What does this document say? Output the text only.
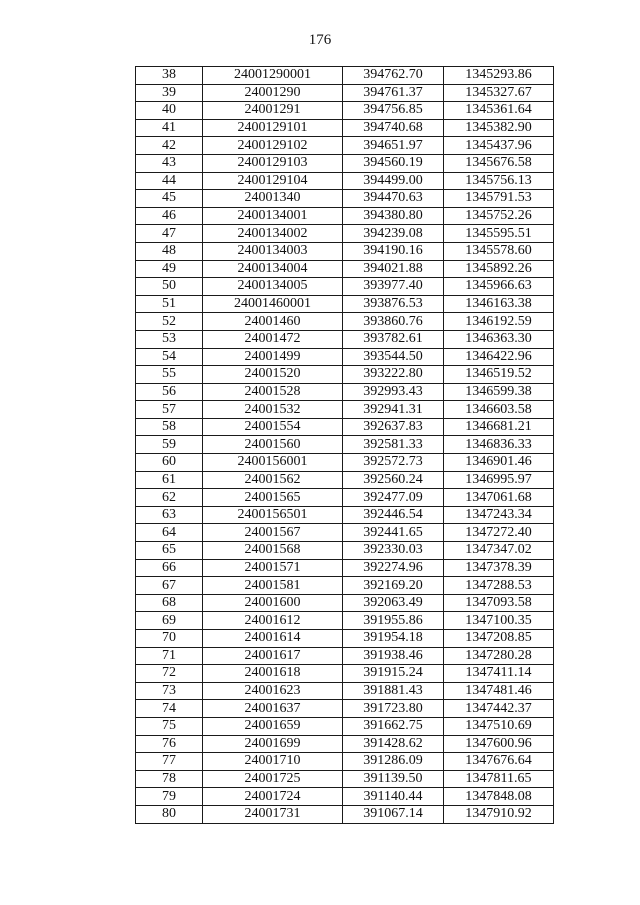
176
38	24001290001	394762.70	1345293.86
39	24001290	394761.37	1345327.67
40	24001291	394756.85	1345361.64
41	2400129101	394740.68	1345382.90
42	2400129102	394651.97	1345437.96
43	2400129103	394560.19	1345676.58
44	2400129104	394499.00	1345756.13
45	24001340	394470.63	1345791.53
46	2400134001	394380.80	1345752.26
47	2400134002	394239.08	1345595.51
48	2400134003	394190.16	1345578.60
49	2400134004	394021.88	1345892.26
50	2400134005	393977.40	1345966.63
51	24001460001	393876.53	1346163.38
52	24001460	393860.76	1346192.59
53	24001472	393782.61	1346363.30
54	24001499	393544.50	1346422.96
55	24001520	393222.80	1346519.52
56	24001528	392993.43	1346599.38
57	24001532	392941.31	1346603.58
58	24001554	392637.83	1346681.21
59	24001560	392581.33	1346836.33
60	2400156001	392572.73	1346901.46
61	24001562	392560.24	1346995.97
62	24001565	392477.09	1347061.68
63	2400156501	392446.54	1347243.34
64	24001567	392441.65	1347272.40
65	24001568	392330.03	1347347.02
66	24001571	392274.96	1347378.39
67	24001581	392169.20	1347288.53
68	24001600	392063.49	1347093.58
69	24001612	391955.86	1347100.35
70	24001614	391954.18	1347208.85
71	24001617	391938.46	1347280.28
72	24001618	391915.24	1347411.14
73	24001623	391881.43	1347481.46
74	24001637	391723.80	1347442.37
75	24001659	391662.75	1347510.69
76	24001699	391428.62	1347600.96
77	24001710	391286.09	1347676.64
78	24001725	391139.50	1347811.65
79	24001724	391140.44	1347848.08
80	24001731	391067.14	1347910.92
